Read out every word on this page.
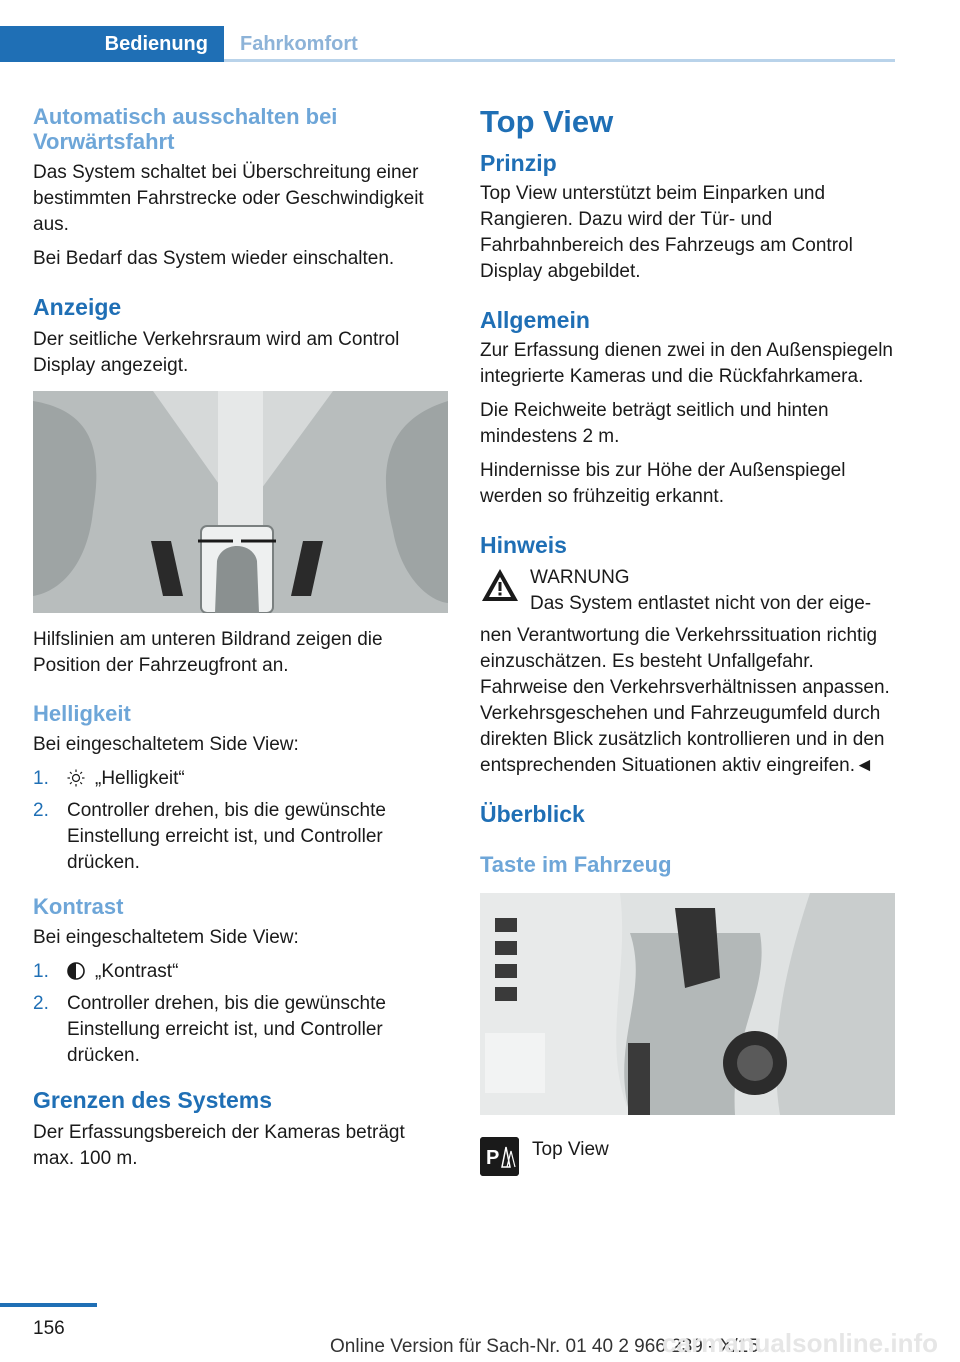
Bedienung	Fahrkomfort
Automatisch ausschalten bei Vorwärtsfahrt

Das System schaltet bei Überschreitung einer bestimmten Fahrstrecke oder Geschwindigkeit aus.

Bei Bedarf das System wieder einschalten.

Anzeige

Der seitliche Verkehrsraum wird am Control Display angezeigt.

Hilfslinien am unteren Bildrand zeigen die Position der Fahrzeugfront an.

Helligkeit

Bei eingeschaltetem Side View:

1. „Helligkeit“
2. Controller drehen, bis die gewünschte Einstellung erreicht ist, und Controller drücken.
Kontrast

Bei eingeschaltetem Side View:

1. „Kontrast“
2. Controller drehen, bis die gewünschte Einstellung erreicht ist, und Controller drücken.
Grenzen des Systems

Der Erfassungsbereich der Kameras beträgt max. 100 m.

Top View
Prinzip

Top View unterstützt beim Einparken und Rangieren. Dazu wird der Tür- und Fahrbahnbereich des Fahrzeugs am Control Display abgebildet.

Allgemein

Zur Erfassung dienen zwei in den Außenspiegeln integrierte Kameras und die Rückfahrkamera.

Die Reichweite beträgt seitlich und hinten mindestens 2 m.

Hindernisse bis zur Höhe der Außenspiegel werden so frühzeitig erkannt.

Hinweis

WARNUNG

Das System entlastet nicht von der eige-

nen Verantwortung die Verkehrssituation richtig einzuschätzen. Es besteht Unfallgefahr. Fahrweise den Verkehrsverhältnissen anpassen. Verkehrsgeschehen und Fahrzeugumfeld durch direkten Blick zusätzlich kontrollieren und in den entsprechenden Situationen aktiv eingreifen.◄

Überblick
Taste im Fahrzeug
P Top View
156
Online Version für Sach-Nr. 01 40 2 966 239 - X/15
carmanualsonline.info
